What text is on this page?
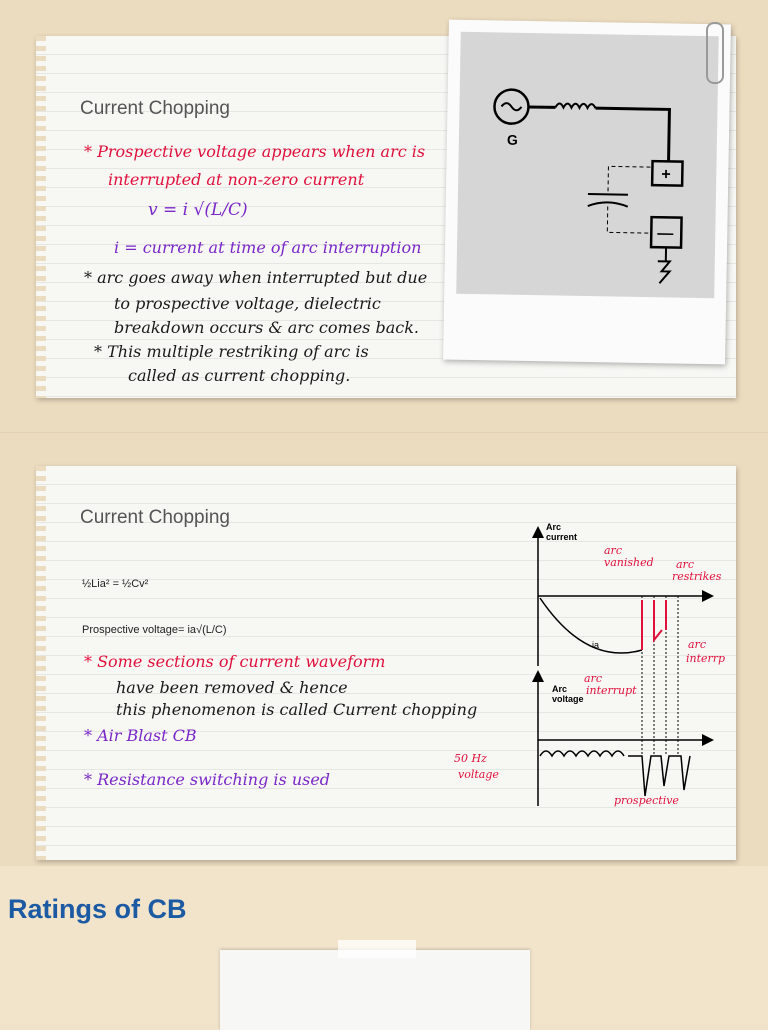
Current Chopping
* Prospective voltage appears when arc is
interrupted at non-zero current
v = i √(L/C)
i = current at time of arc interruption
* arc goes away when interrupted but due
to prospective voltage, dielectric
breakdown occurs & arc comes back.
* This multiple restriking of arc is
called as current chopping.
G
+
—
Current Chopping
½Lia² = ½Cv²
Prospective voltage= ia√(L/C)
* Some sections of current waveform
have been removed & hence
this phenomenon is called Current chopping
* Air Blast CB
* Resistance switching is used
Arc
current
ia
Arc
voltage
arc
vanished arc
restrikes
arc
interrp
arc
interrupt
50 Hz
voltage
prospective
Ratings of CB
